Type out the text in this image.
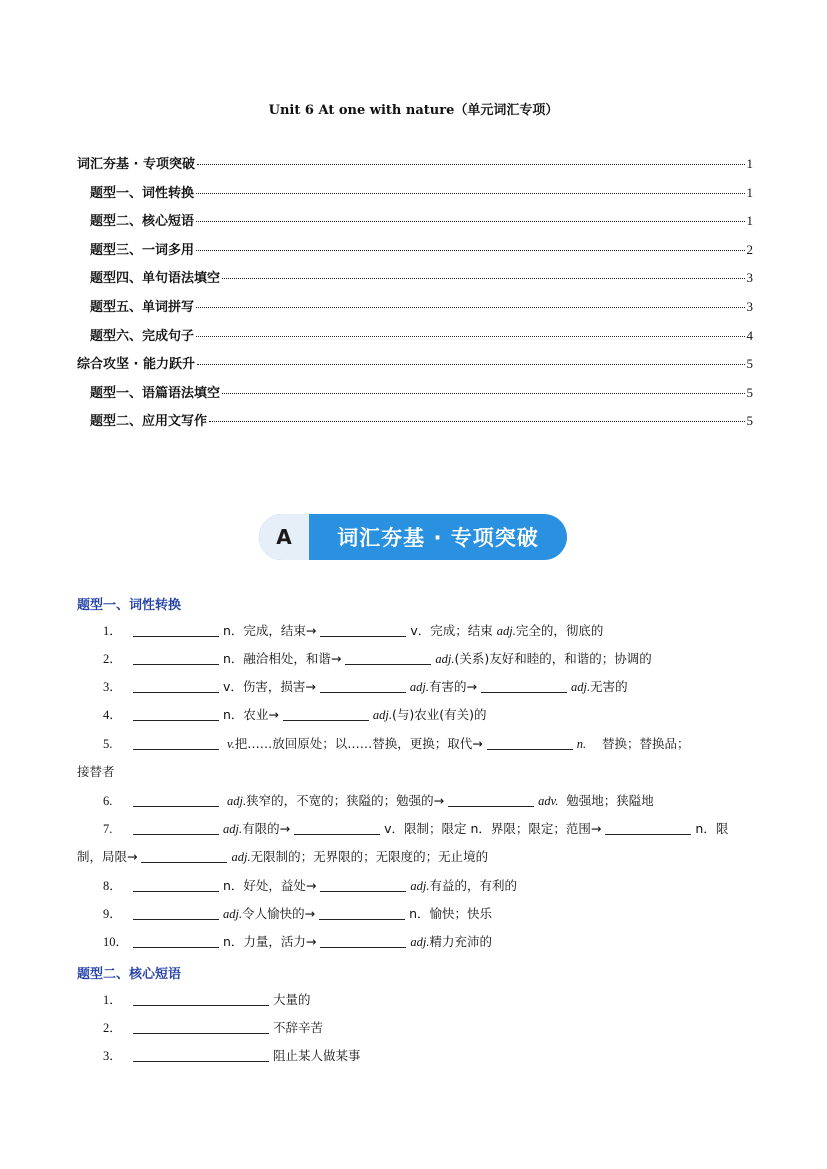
Unit 6 At one with nature（单元词汇专项）
词汇夯基 · 专项突破	1
题型一、词性转换	1
题型二、核心短语	1
题型三、一词多用	2
题型四、单句语法填空	3
题型五、单词拼写	3
题型六、完成句子	4
综合攻坚 · 能力跃升	5
题型一、语篇语法填空	5
题型二、应用文写作	5
A	词汇夯基 · 专项突破
题型一、词性转换
1．	n．完成，结束→	v．完成；结束 adj.完全的，彻底的
2．	n．融洽相处，和谐→	adj.(关系)友好和睦的，和谐的；协调的
3．	v．伤害，损害→	adj.有害的→	adj.无害的
4．	n．农业→	adj.(与)农业(有关)的
5.	v.把……放回原处；以……替换，更换；取代→	n. 替换；替换品；
接替者
6.	adj.狭窄的，不宽的；狭隘的；勉强的→	adv. 勉强地；狭隘地
7.	adj.有限的→	v．限制；限定 n．界限；限定；范围→	n．限
制，局限→	adj.无限制的；无界限的；无限度的；无止境的
8．	n．好处，益处→	adj.有益的，有利的
9．	adj.令人愉快的→	n．愉快；快乐
10．	n．力量，活力→	adj.精力充沛的
题型二、核心短语
1．	大量的
2．	不辞辛苦
3．	阻止某人做某事
